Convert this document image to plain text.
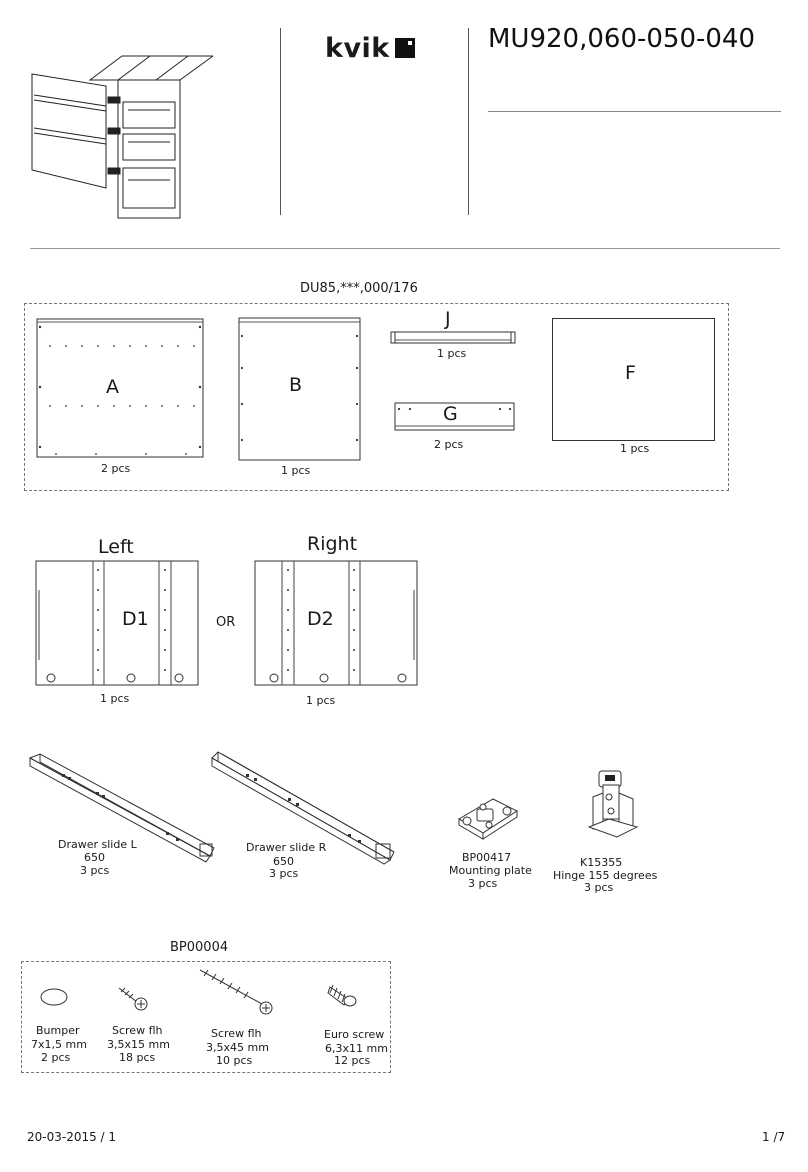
kvik	MU920,060-050-040
DU85,***,000/176
A
2 pcs
B
1 pcs
J
1 pcs
G
2 pcs
F
1 pcs
Left	Right
D1
1 pcs
OR	D2
1 pcs
Drawer slide L
650
3 pcs
Drawer slide R
650
3 pcs
BP00417
Mounting plate
3 pcs
K15355
Hinge 155 degrees
3 pcs
BP00004
Bumper
7x1,5 mm
2 pcs
Screw flh
3,5x15 mm
18 pcs
Screw flh
3,5x45 mm
10 pcs
Euro screw
6,3x11 mm
12 pcs
20-03-2015 / 1	1 /7
